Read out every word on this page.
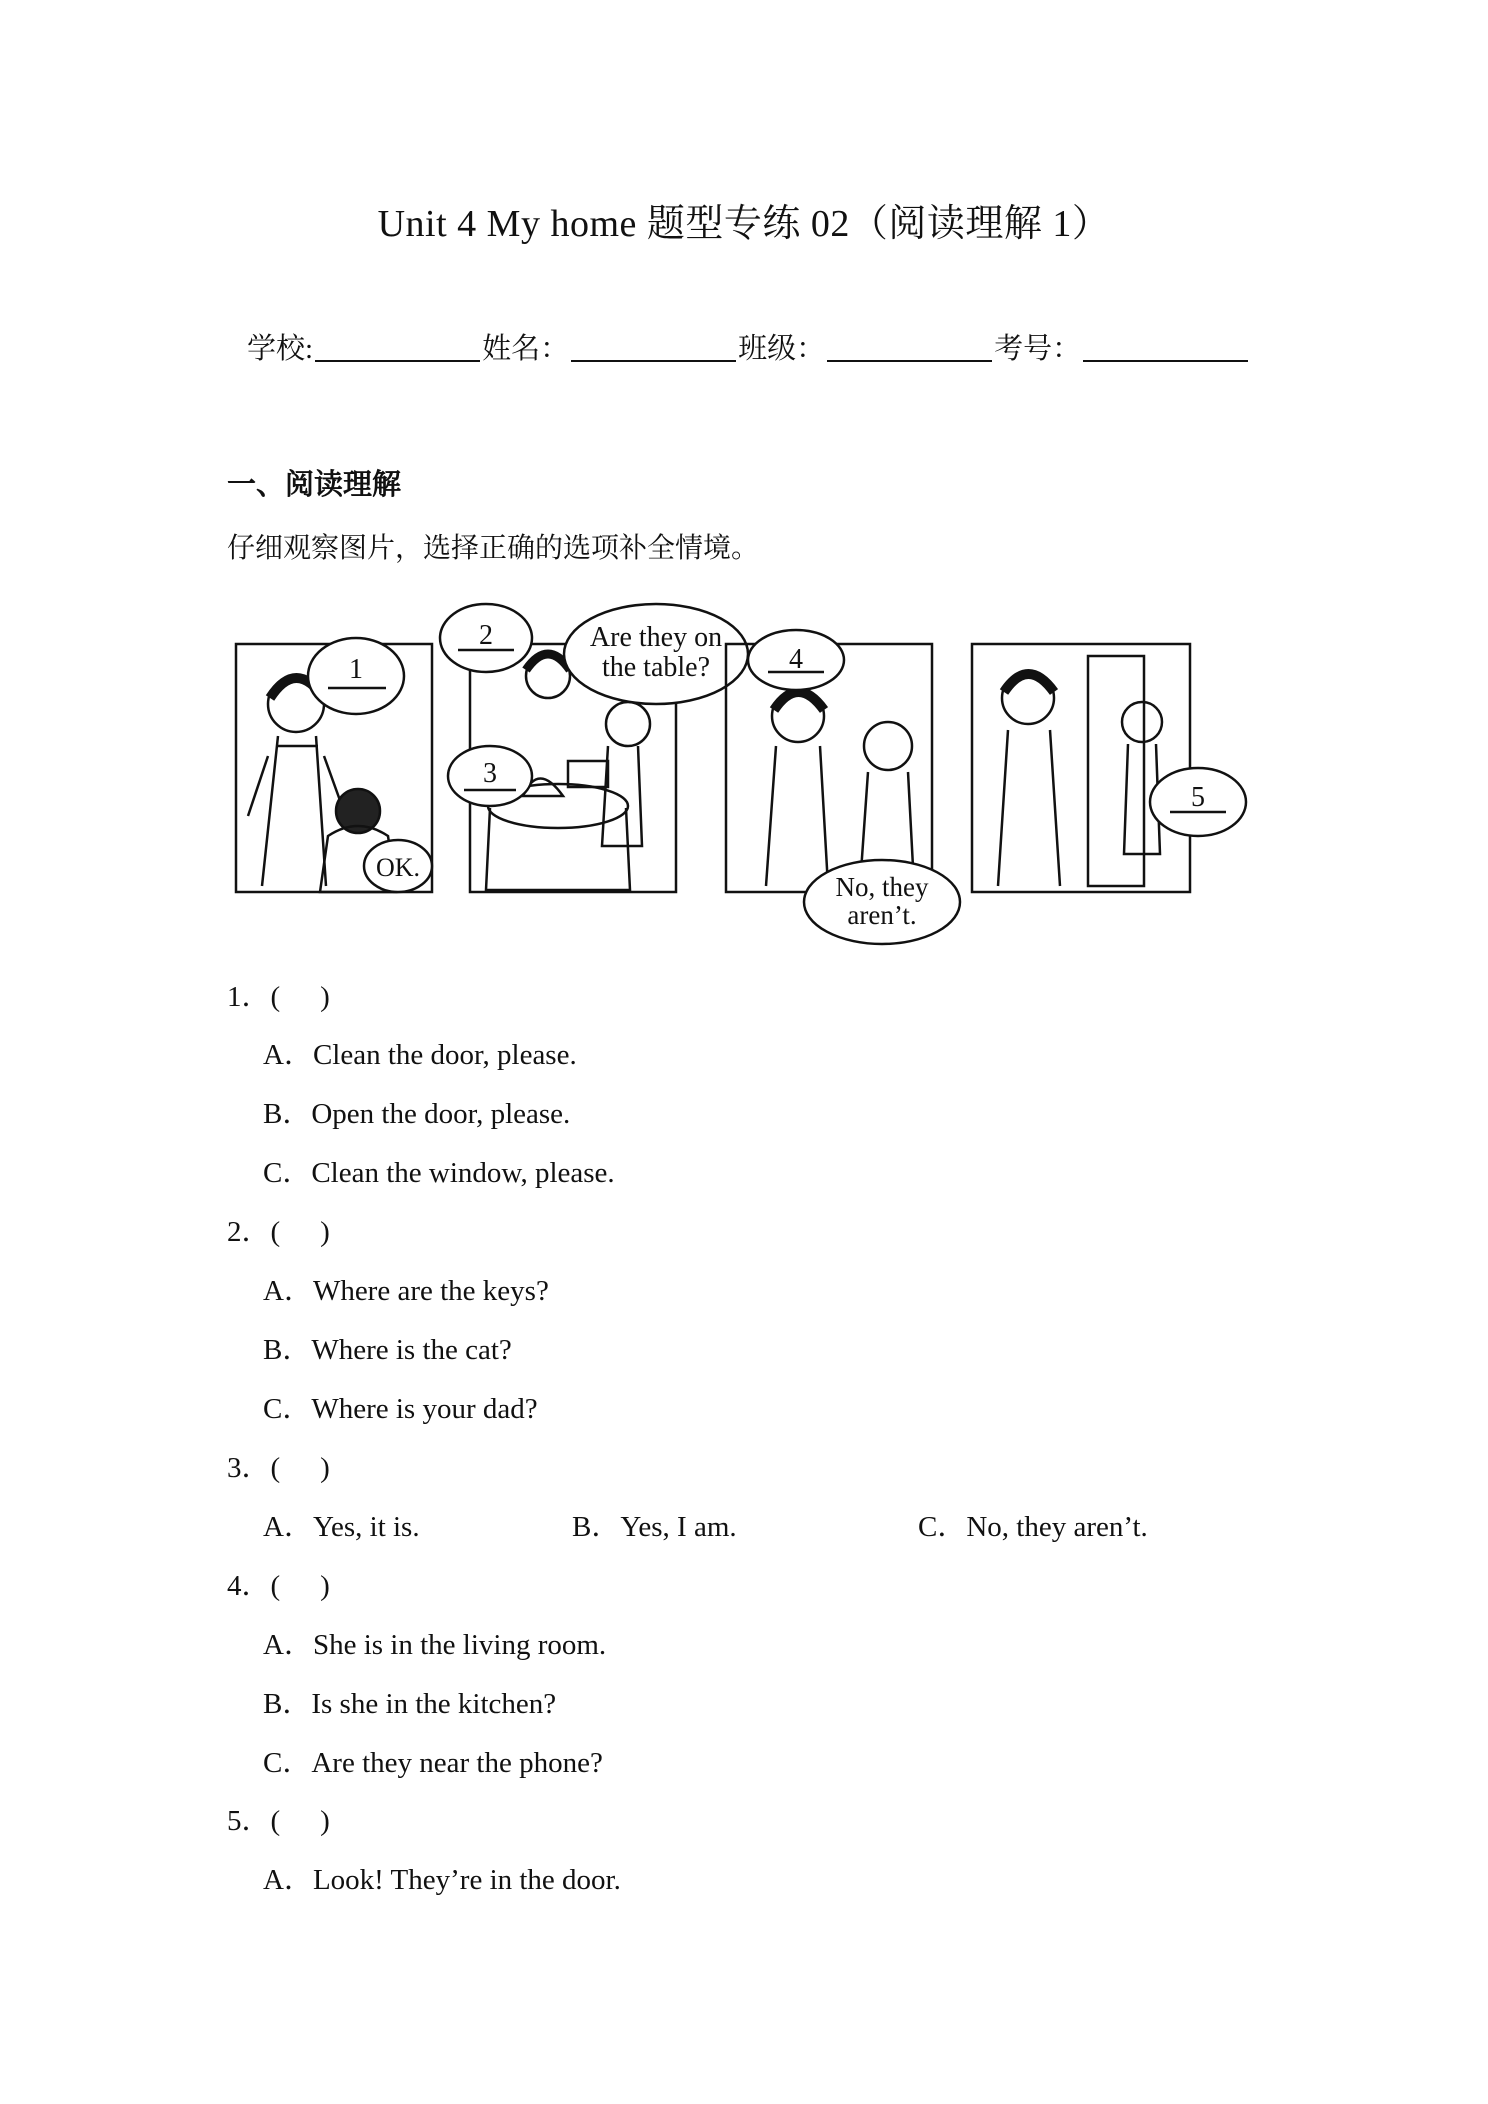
Unit 4 My home 题型专练 02（阅读理解 1）
学校:	姓名：	班级：	考号：
一、阅读理解
仔细观察图片，选择正确的选项补全情境。
1
OK.
2
3
Are they on
the table?	4
No, they
aren’t.
5
1．( )
A．Clean the door, please.
B．Open the door, please.
C．Clean the window, please.
2．( )
A．Where are the keys?
B．Where is the cat?
C．Where is your dad?
3．( )
A．Yes, it is.	B．Yes, I am.	C．No, they aren’t.
4．( )
A．She is in the living room.
B．Is she in the kitchen?
C．Are they near the phone?
5．( )
A．Look! They’re in the door.
